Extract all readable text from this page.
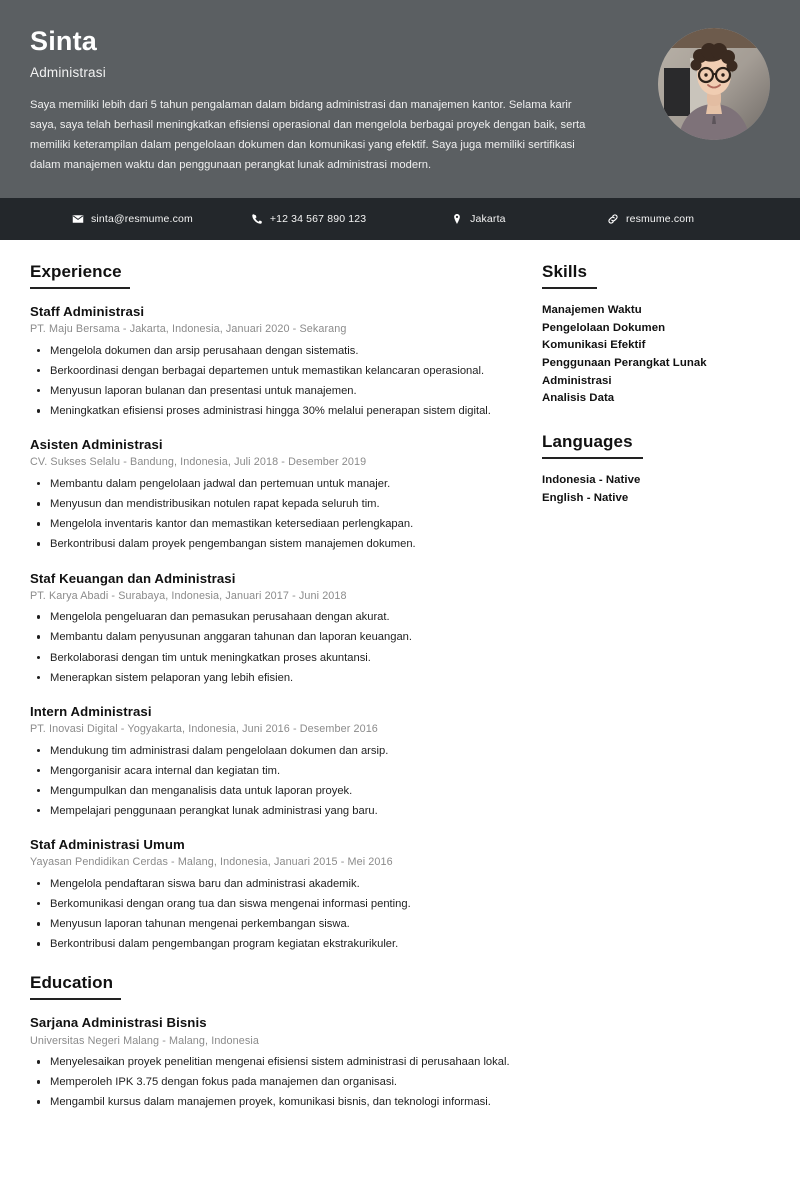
Sinta
Administrasi
Saya memiliki lebih dari 5 tahun pengalaman dalam bidang administrasi dan manajemen kantor. Selama karir saya, saya telah berhasil meningkatkan efisiensi operasional dan mengelola berbagai proyek dengan baik, serta memiliki keterampilan dalam pengelolaan dokumen dan komunikasi yang efektif. Saya juga memiliki sertifikasi dalam manajemen waktu dan penggunaan perangkat lunak administrasi modern.
sinta@resmume.com	+12 34 567 890 123	Jakarta	resmume.com
Experience
Staff Administrasi
PT. Maju Bersama - Jakarta, Indonesia, Januari 2020 - Sekarang
Mengelola dokumen dan arsip perusahaan dengan sistematis.
Berkoordinasi dengan berbagai departemen untuk memastikan kelancaran operasional.
Menyusun laporan bulanan dan presentasi untuk manajemen.
Meningkatkan efisiensi proses administrasi hingga 30% melalui penerapan sistem digital.
Asisten Administrasi
CV. Sukses Selalu - Bandung, Indonesia, Juli 2018 - Desember 2019
Membantu dalam pengelolaan jadwal dan pertemuan untuk manajer.
Menyusun dan mendistribusikan notulen rapat kepada seluruh tim.
Mengelola inventaris kantor dan memastikan ketersediaan perlengkapan.
Berkontribusi dalam proyek pengembangan sistem manajemen dokumen.
Staf Keuangan dan Administrasi
PT. Karya Abadi - Surabaya, Indonesia, Januari 2017 - Juni 2018
Mengelola pengeluaran dan pemasukan perusahaan dengan akurat.
Membantu dalam penyusunan anggaran tahunan dan laporan keuangan.
Berkolaborasi dengan tim untuk meningkatkan proses akuntansi.
Menerapkan sistem pelaporan yang lebih efisien.
Intern Administrasi
PT. Inovasi Digital - Yogyakarta, Indonesia, Juni 2016 - Desember 2016
Mendukung tim administrasi dalam pengelolaan dokumen dan arsip.
Mengorganisir acara internal dan kegiatan tim.
Mengumpulkan dan menganalisis data untuk laporan proyek.
Mempelajari penggunaan perangkat lunak administrasi yang baru.
Staf Administrasi Umum
Yayasan Pendidikan Cerdas - Malang, Indonesia, Januari 2015 - Mei 2016
Mengelola pendaftaran siswa baru dan administrasi akademik.
Berkomunikasi dengan orang tua dan siswa mengenai informasi penting.
Menyusun laporan tahunan mengenai perkembangan siswa.
Berkontribusi dalam pengembangan program kegiatan ekstrakurikuler.
Education
Sarjana Administrasi Bisnis
Universitas Negeri Malang - Malang, Indonesia
Menyelesaikan proyek penelitian mengenai efisiensi sistem administrasi di perusahaan lokal.
Memperoleh IPK 3.75 dengan fokus pada manajemen dan organisasi.
Mengambil kursus dalam manajemen proyek, komunikasi bisnis, dan teknologi informasi.
Skills
Manajemen Waktu
Pengelolaan Dokumen
Komunikasi Efektif
Penggunaan Perangkat Lunak Administrasi
Analisis Data
Languages
Indonesia - Native
English - Native
